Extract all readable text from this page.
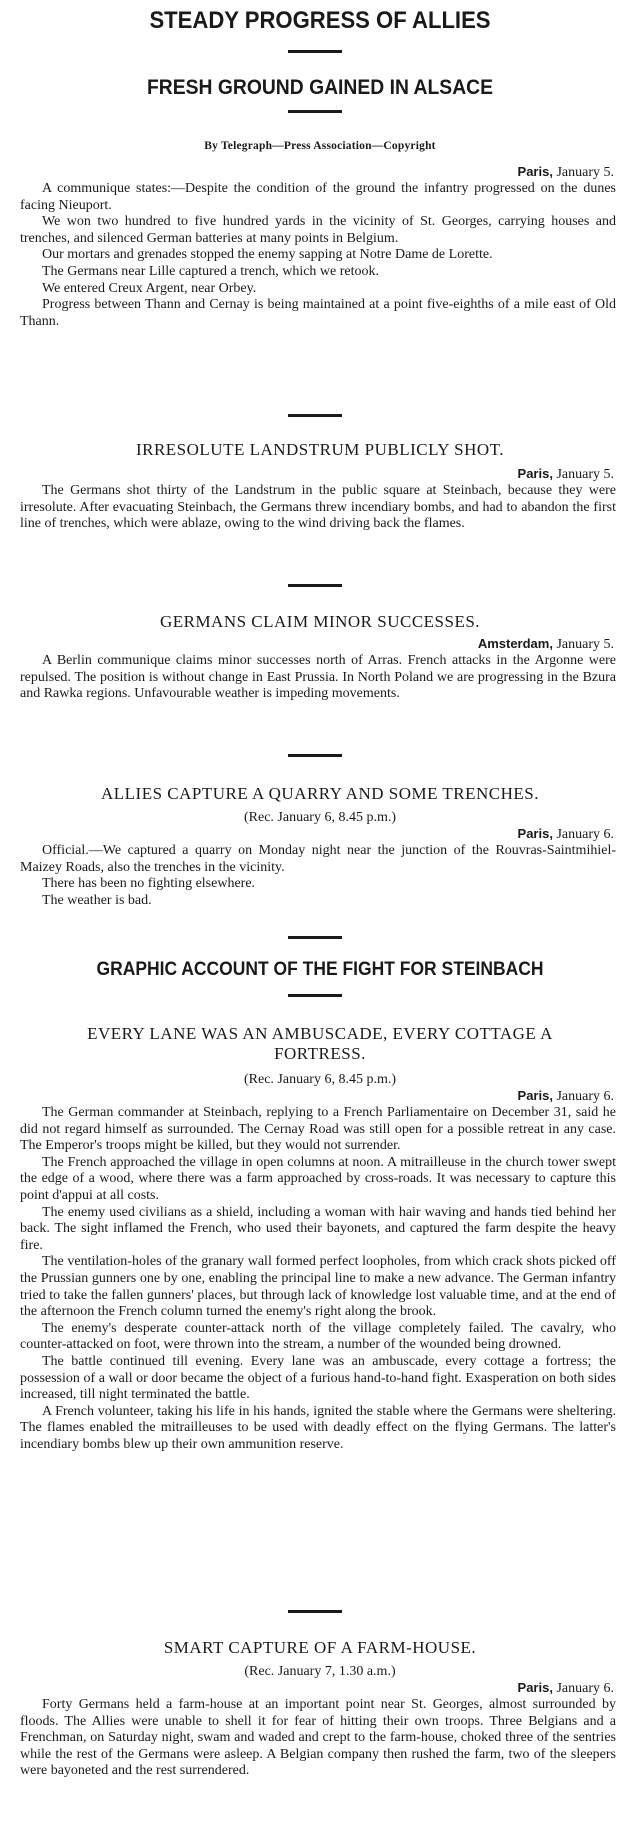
STEADY PROGRESS OF ALLIES
FRESH GROUND GAINED IN ALSACE
By Telegraph—Press Association—Copyright
Paris, January 5.

A communique states:—Despite the condition of the ground the infantry progressed on the dunes facing Nieuport.

We won two hundred to five hundred yards in the vicinity of St. Georges, carrying houses and trenches, and silenced German batteries at many points in Belgium.

Our mortars and grenades stopped the enemy sapping at Notre Dame de Lorette.

The Germans near Lille captured a trench, which we retook.

We entered Creux Argent, near Orbey.

Progress between Thann and Cernay is being maintained at a point five-eighths of a mile east of Old Thann.

IRRESOLUTE LANDSTRUM PUBLICLY SHOT.
Paris, January 5.

The Germans shot thirty of the Landstrum in the public square at Steinbach, because they were irresolute. After evacuating Steinbach, the Germans threw incendiary bombs, and had to abandon the first line of trenches, which were ablaze, owing to the wind driving back the flames.

GERMANS CLAIM MINOR SUCCESSES.
Amsterdam, January 5.

A Berlin communique claims minor successes north of Arras. French attacks in the Argonne were repulsed. The position is without change in East Prussia. In North Poland we are progressing in the Bzura and Rawka regions. Unfavourable weather is impeding movements.

ALLIES CAPTURE A QUARRY AND SOME TRENCHES.
(Rec. January 6, 8.45 p.m.)
Paris, January 6.

Official.—We captured a quarry on Monday night near the junction of the Rouvras-Saintmihiel-Maizey Roads, also the trenches in the vicinity.

There has been no fighting elsewhere.

The weather is bad.

GRAPHIC ACCOUNT OF THE FIGHT FOR STEINBACH
EVERY LANE WAS AN AMBUSCADE, EVERY COTTAGE A FORTRESS.
(Rec. January 6, 8.45 p.m.)
Paris, January 6.

The German commander at Steinbach, replying to a French Parliamentaire on December 31, said he did not regard himself as surrounded. The Cernay Road was still open for a possible retreat in any case. The Emperor's troops might be killed, but they would not surrender.

The French approached the village in open columns at noon. A mitrailleuse in the church tower swept the edge of a wood, where there was a farm approached by cross-roads. It was necessary to capture this point d'appui at all costs.

The enemy used civilians as a shield, including a woman with hair waving and hands tied behind her back. The sight inflamed the French, who used their bayonets, and captured the farm despite the heavy fire.

The ventilation-holes of the granary wall formed perfect loopholes, from which crack shots picked off the Prussian gunners one by one, enabling the principal line to make a new advance. The German infantry tried to take the fallen gunners' places, but through lack of knowledge lost valuable time, and at the end of the afternoon the French column turned the enemy's right along the brook.

The enemy's desperate counter-attack north of the village completely failed. The cavalry, who counter-attacked on foot, were thrown into the stream, a number of the wounded being drowned.

The battle continued till evening. Every lane was an ambuscade, every cottage a fortress; the possession of a wall or door became the object of a furious hand-to-hand fight. Exasperation on both sides increased, till night terminated the battle.

A French volunteer, taking his life in his hands, ignited the stable where the Germans were sheltering. The flames enabled the mitrailleuses to be used with deadly effect on the flying Germans. The latter's incendiary bombs blew up their own ammunition reserve.

SMART CAPTURE OF A FARM-HOUSE.
(Rec. January 7, 1.30 a.m.)
Paris, January 6.

Forty Germans held a farm-house at an important point near St. Georges, almost surrounded by floods. The Allies were unable to shell it for fear of hitting their own troops. Three Belgians and a Frenchman, on Saturday night, swam and waded and crept to the farm-house, choked three of the sentries while the rest of the Germans were asleep. A Belgian company then rushed the farm, two of the sleepers were bayoneted and the rest surrendered.
